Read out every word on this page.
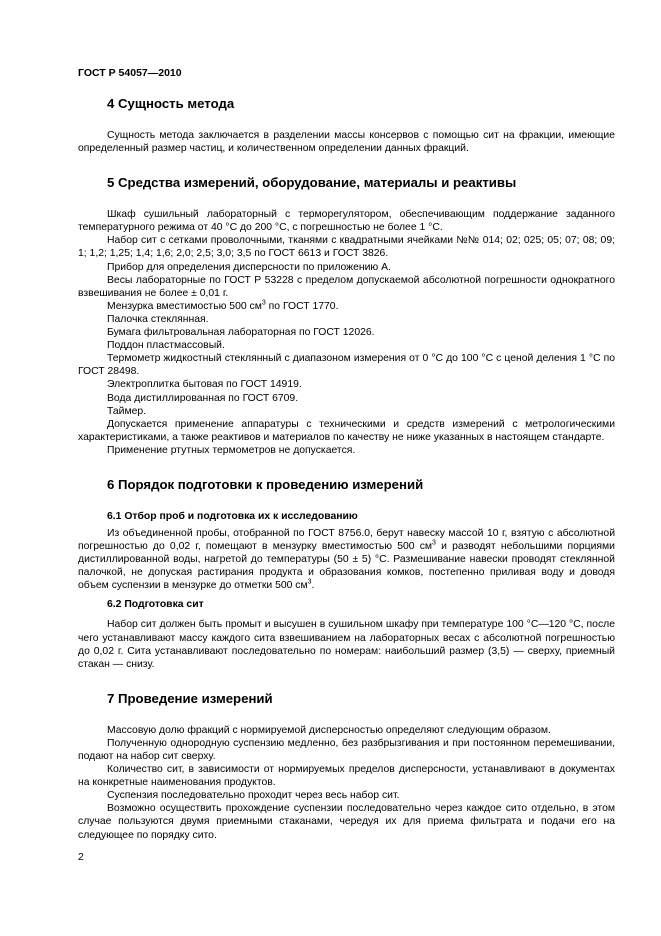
ГОСТ Р 54057—2010
4 Сущность метода

Сущность метода заключается в разделении массы консервов с помощью сит на фракции, имеющие определенный размер частиц, и количественном определении данных фракций.

5 Средства измерений, оборудование, материалы и реактивы

Шкаф сушильный лабораторный с терморегулятором, обеспечивающим поддержание заданного температурного режима от 40 °С до 200 °С, с погрешностью не более 1 °С.

Набор сит с сетками проволочными, тканями с квадратными ячейками №№ 014; 02; 025; 05; 07; 08; 09; 1; 1,2; 1,25; 1,4; 1,6; 2,0; 2,5; 3,0; 3,5 по ГОСТ 6613 и ГОСТ 3826.

Прибор для определения дисперсности по приложению А.

Весы лабораторные по ГОСТ Р 53228 с пределом допускаемой абсолютной погрешности однократного взвешивания не более ± 0,01 г.

Мензурка вместимостью 500 $см^3$ по ГОСТ 1770.

Палочка стеклянная.

Бумага фильтровальная лабораторная по ГОСТ 12026.

Поддон пластмассовый.

Термометр жидкостный стеклянный с диапазоном измерения от 0 °С до 100 °С с ценой деления 1 °С по ГОСТ 28498.

Электроплитка бытовая по ГОСТ 14919.

Вода дистиллированная по ГОСТ 6709.

Таймер.

Допускается применение аппаратуры с техническими и средств измерений с метрологическими характеристиками, а также реактивов и материалов по качеству не ниже указанных в настоящем стандарте.

Применение ртутных термометров не допускается.

6 Порядок подготовки к проведению измерений
6.1 Отбор проб и подготовка их к исследованию

Из объединенной пробы, отобранной по ГОСТ 8756.0, берут навеску массой 10 г, взятую с абсолютной погрешностью до 0,02 г, помещают в мензурку вместимостью 500 $см^3$ и разводят небольшими порциями дистиллированной воды, нагретой до температуры (50 ± 5) °С. Размешивание навески проводят стеклянной палочкой, не допуская растирания продукта и образования комков, постепенно приливая воду и доводя объем суспензии в мензурке до отметки 500 $см^3$.

6.2 Подготовка сит

Набор сит должен быть промыт и высушен в сушильном шкафу при температуре 100 °С—120 °С, после чего устанавливают массу каждого сита взвешиванием на лабораторных весах с абсолютной погрешностью до 0,02 г. Сита устанавливают последовательно по номерам: наибольший размер (3,5) — сверху, приемный стакан — снизу.

7 Проведение измерений

Массовую долю фракций с нормируемой дисперсностью определяют следующим образом.

Полученную однородную суспензию медленно, без разбрызгивания и при постоянном перемешивании, подают на набор сит сверху.

Количество сит, в зависимости от нормируемых пределов дисперсности, устанавливают в документах на конкретные наименования продуктов.

Суспензия последовательно проходит через весь набор сит.

Возможно осуществить прохождение суспензии последовательно через каждое сито отдельно, в этом случае пользуются двумя приемными стаканами, чередуя их для приема фильтрата и подачи его на следующее по порядку сито.

2
